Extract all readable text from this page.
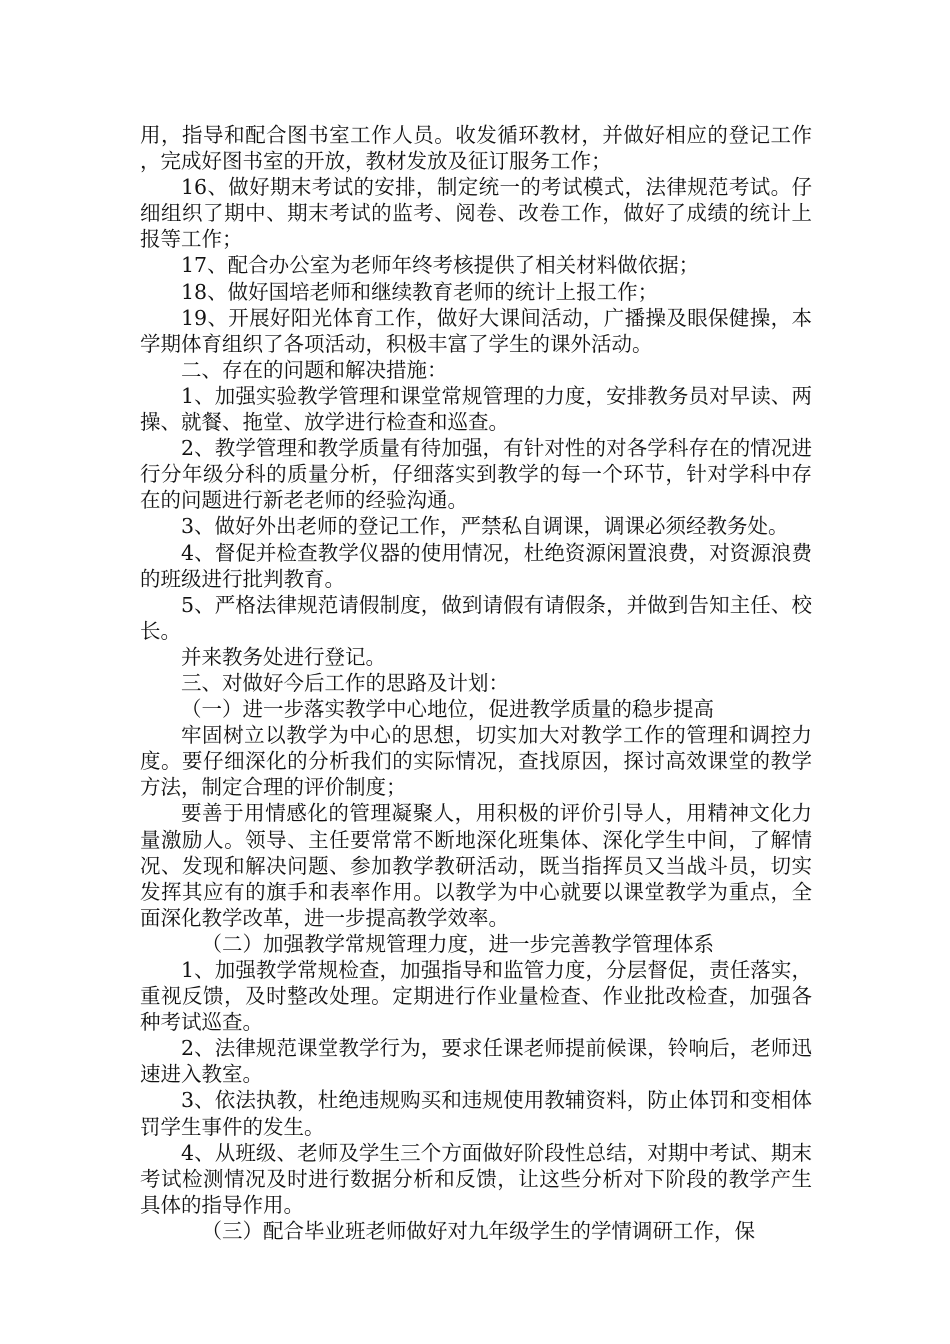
用，指导和配合图书室工作人员。收发循环教材，并做好相应的登记工作，完成好图书室的开放，教材发放及征订服务工作；

16、做好期末考试的安排，制定统一的考试模式，法律规范考试。仔细组织了期中、期末考试的监考、阅卷、改卷工作，做好了成绩的统计上报等工作；

17、配合办公室为老师年终考核提供了相关材料做依据；

18、做好国培老师和继续教育老师的统计上报工作；

19、开展好阳光体育工作，做好大课间活动，广播操及眼保健操，本学期体育组织了各项活动，积极丰富了学生的课外活动。

二、存在的问题和解决措施：

1、加强实验教学管理和课堂常规管理的力度，安排教务员对早读、两操、就餐、拖堂、放学进行检查和巡查。

2、教学管理和教学质量有待加强，有针对性的对各学科存在的情况进行分年级分科的质量分析，仔细落实到教学的每一个环节，针对学科中存在的问题进行新老老师的经验沟通。

3、做好外出老师的登记工作，严禁私自调课，调课必须经教务处。

4、督促并检查教学仪器的使用情况，杜绝资源闲置浪费，对资源浪费的班级进行批判教育。

5、严格法律规范请假制度，做到请假有请假条，并做到告知主任、校长。

并来教务处进行登记。

三、对做好今后工作的思路及计划：

（一）进一步落实教学中心地位，促进教学质量的稳步提高

牢固树立以教学为中心的思想，切实加大对教学工作的管理和调控力度。要仔细深化的分析我们的实际情况，查找原因，探讨高效课堂的教学方法，制定合理的评价制度；

要善于用情感化的管理凝聚人，用积极的评价引导人，用精神文化力量激励人。领导、主任要常常不断地深化班集体、深化学生中间，了解情况、发现和解决问题、参加教学教研活动，既当指挥员又当战斗员，切实发挥其应有的旗手和表率作用。以教学为中心就要以课堂教学为重点，全面深化教学改革，进一步提高教学效率。

（二）加强教学常规管理力度，进一步完善教学管理体系

1、加强教学常规检查，加强指导和监管力度，分层督促，责任落实，重视反馈，及时整改处理。定期进行作业量检查、作业批改检查，加强各种考试巡查。

2、法律规范课堂教学行为，要求任课老师提前候课，铃响后，老师迅速进入教室。

3、依法执教，杜绝违规购买和违规使用教辅资料，防止体罚和变相体罚学生事件的发生。

4、从班级、老师及学生三个方面做好阶段性总结，对期中考试、期末考试检测情况及时进行数据分析和反馈，让这些分析对下阶段的教学产生具体的指导作用。

（三）配合毕业班老师做好对九年级学生的学情调研工作，保
